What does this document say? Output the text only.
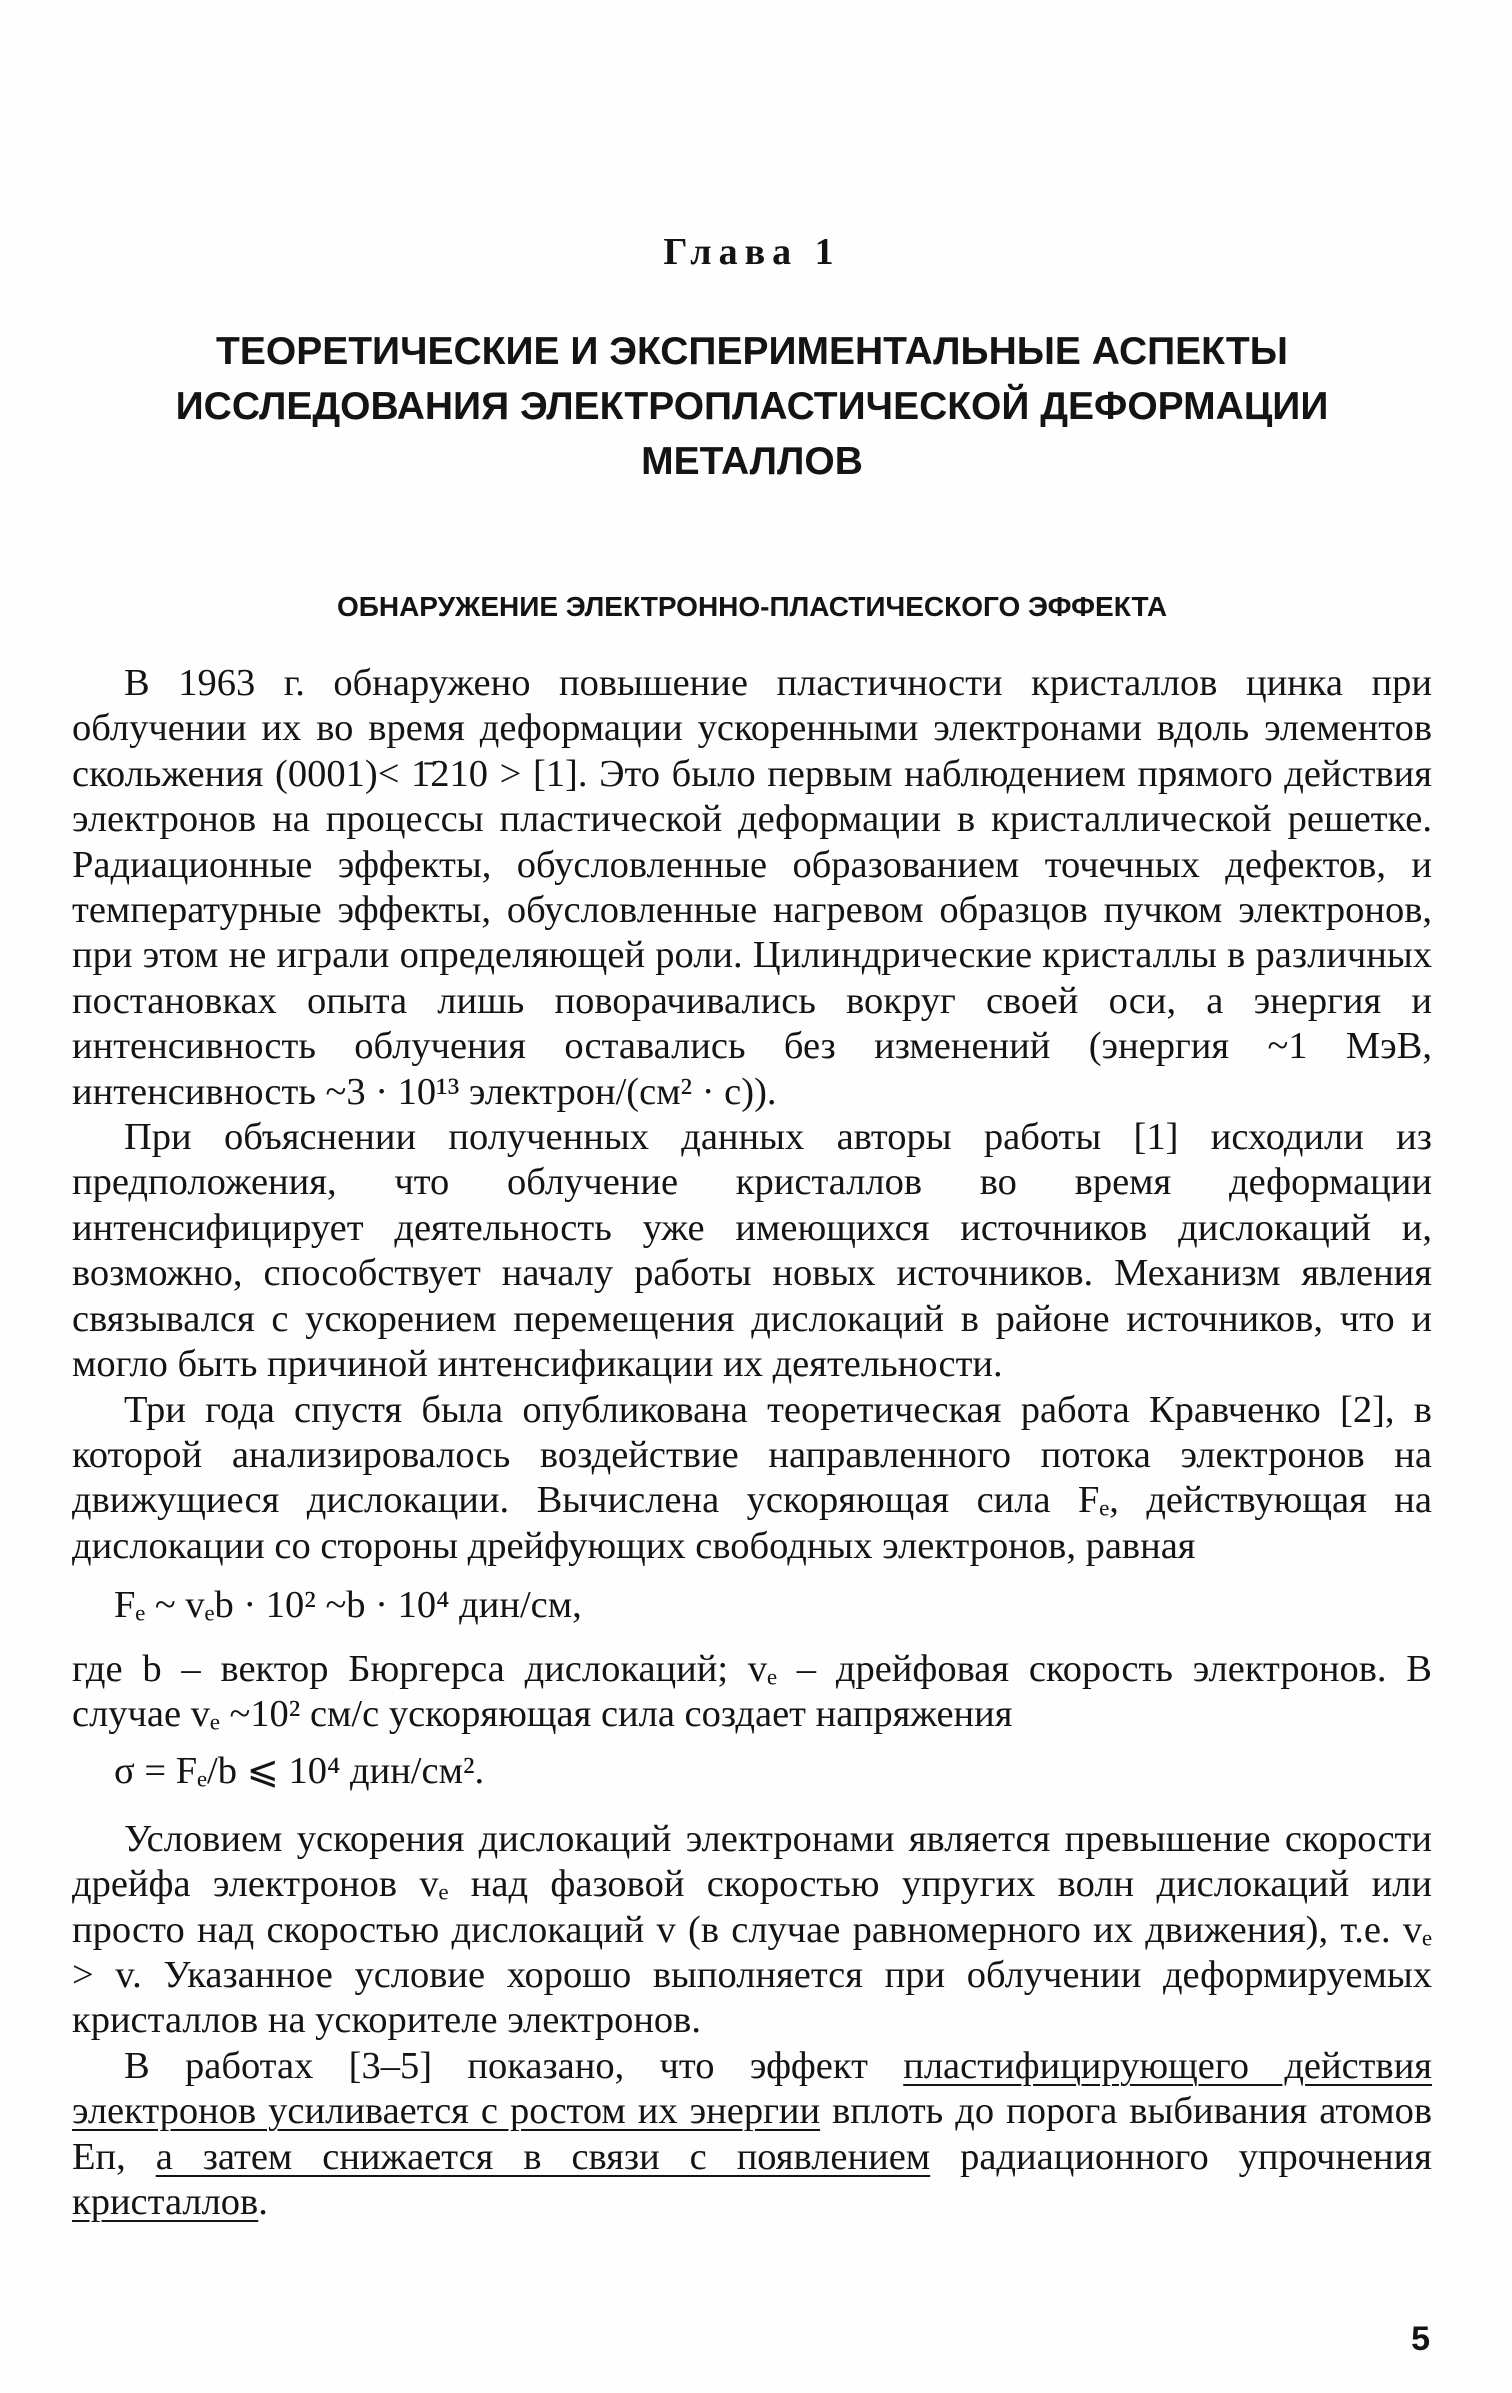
Глава 1
ТЕОРЕТИЧЕСКИЕ И ЭКСПЕРИМЕНТАЛЬНЫЕ АСПЕКТЫ
ИССЛЕДОВАНИЯ ЭЛЕКТРОПЛАСТИЧЕСКОЙ ДЕФОРМАЦИИ
МЕТАЛЛОВ
ОБНАРУЖЕНИЕ ЭЛЕКТРОННО-ПЛАСТИЧЕСКОГО ЭФФЕКТА

В 1963 г. обнаружено повышение пластичности кристаллов цинка при облучении их во время деформации ускоренными электронами вдоль элементов скольжения (0001)< 1̄210 > [1]. Это было первым наблюдением прямого действия электронов на процессы пластической деформации в кристаллической решетке. Радиационные эффекты, обусловленные образованием точечных дефектов, и температурные эффекты, обусловленные нагревом образцов пучком электронов, при этом не играли определяющей роли. Цилиндрические кристаллы в различных постановках опыта лишь поворачивались вокруг своей оси, а энергия и интенсивность облучения оставались без изменений (энергия ~1 МэВ, интенсивность ~3 · 10¹³ электрон/(см² · с)).

При объяснении полученных данных авторы работы [1] исходили из предположения, что облучение кристаллов во время деформации интенсифицирует деятельность уже имеющихся источников дислокаций и, возможно, способствует началу работы новых источников. Механизм явления связывался с ускорением перемещения дислокаций в районе источников, что и могло быть причиной интенсификации их деятельности.

Три года спустя была опубликована теоретическая работа Кравченко [2], в которой анализировалось воздействие направленного потока электронов на движущиеся дислокации. Вычислена ускоряющая сила Fₑ, действующая на дислокации со стороны дрейфующих свободных электронов, равная

Fₑ ~ vₑb · 10² ~b · 10⁴ дин/см,

где b – вектор Бюргерса дислокаций; vₑ – дрейфовая скорость электронов. В случае vₑ ~10² см/с ускоряющая сила создает напряжения

σ = Fₑ/b ⩽ 10⁴ дин/см².

Условием ускорения дислокаций электронами является превышение скорости дрейфа электронов vₑ над фазовой скоростью упругих волн дислокаций или просто над скоростью дислокаций v (в случае равномерного их движения), т.е. vₑ > v. Указанное условие хорошо выполняется при облучении деформируемых кристаллов на ускорителе электронов.

В работах [3–5] показано, что эффект пластифицирующего действия электронов усиливается с ростом их энергии вплоть до порога выбивания атомов Eп, а затем снижается в связи с появлением радиационного упрочнения кристаллов.

5
